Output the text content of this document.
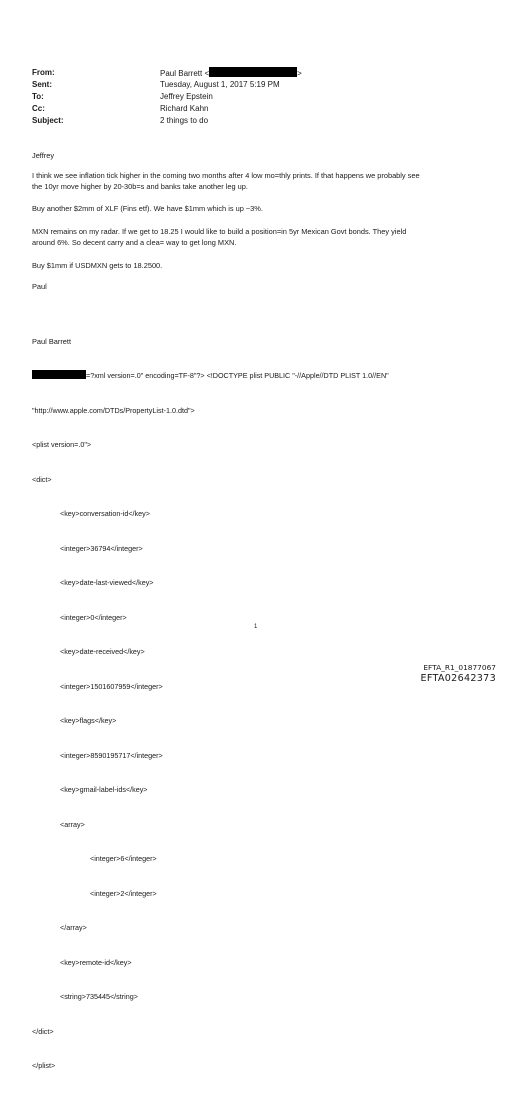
From:	Paul Barrett <	>
Sent:	Tuesday, August 1, 2017 5:19 PM
To:	Jeffrey Epstein
Cc:	Richard Kahn
Subject:	2 things to do

Jeffrey

I think we see inflation tick higher in the coming two months after 4 low mo=thly prints. If that happens we probably see

the 10yr move higher by 20-30b=s and banks take another leg up.

Buy another $2mm of XLF (Fins etf). We have $1mm which is up ~3%.

MXN remains on my radar. If we get to 18.25 I would like to build a position=in 5yr Mexican Govt bonds. They yield

around 6%. So decent carry and a clea= way to get long MXN.

Buy $1mm if USDMXN gets to 18.2500.

Paul

Paul Barrett

=?xml version=.0" encoding=TF-8"?> <!DOCTYPE plist PUBLIC "-//Apple//DTD PLIST 1.0//EN"

"http://www.apple.com/DTDs/PropertyList-1.0.dtd">

<plist version=.0">

<dict>

<key>conversation-id</key>

<integer>36794</integer>

<key>date-last-viewed</key>

<integer>0</integer>

<key>date-received</key>

<integer>1501607959</integer>

<key>flags</key>

<integer>8590195717</integer>

<key>gmail-label-ids</key>

<array>

<integer>6</integer>

<integer>2</integer>

</array>

<key>remote-id</key>

<string>735445</string>

</dict>

</plist>

1
EFTA_R1_01877067
EFTA02642373
